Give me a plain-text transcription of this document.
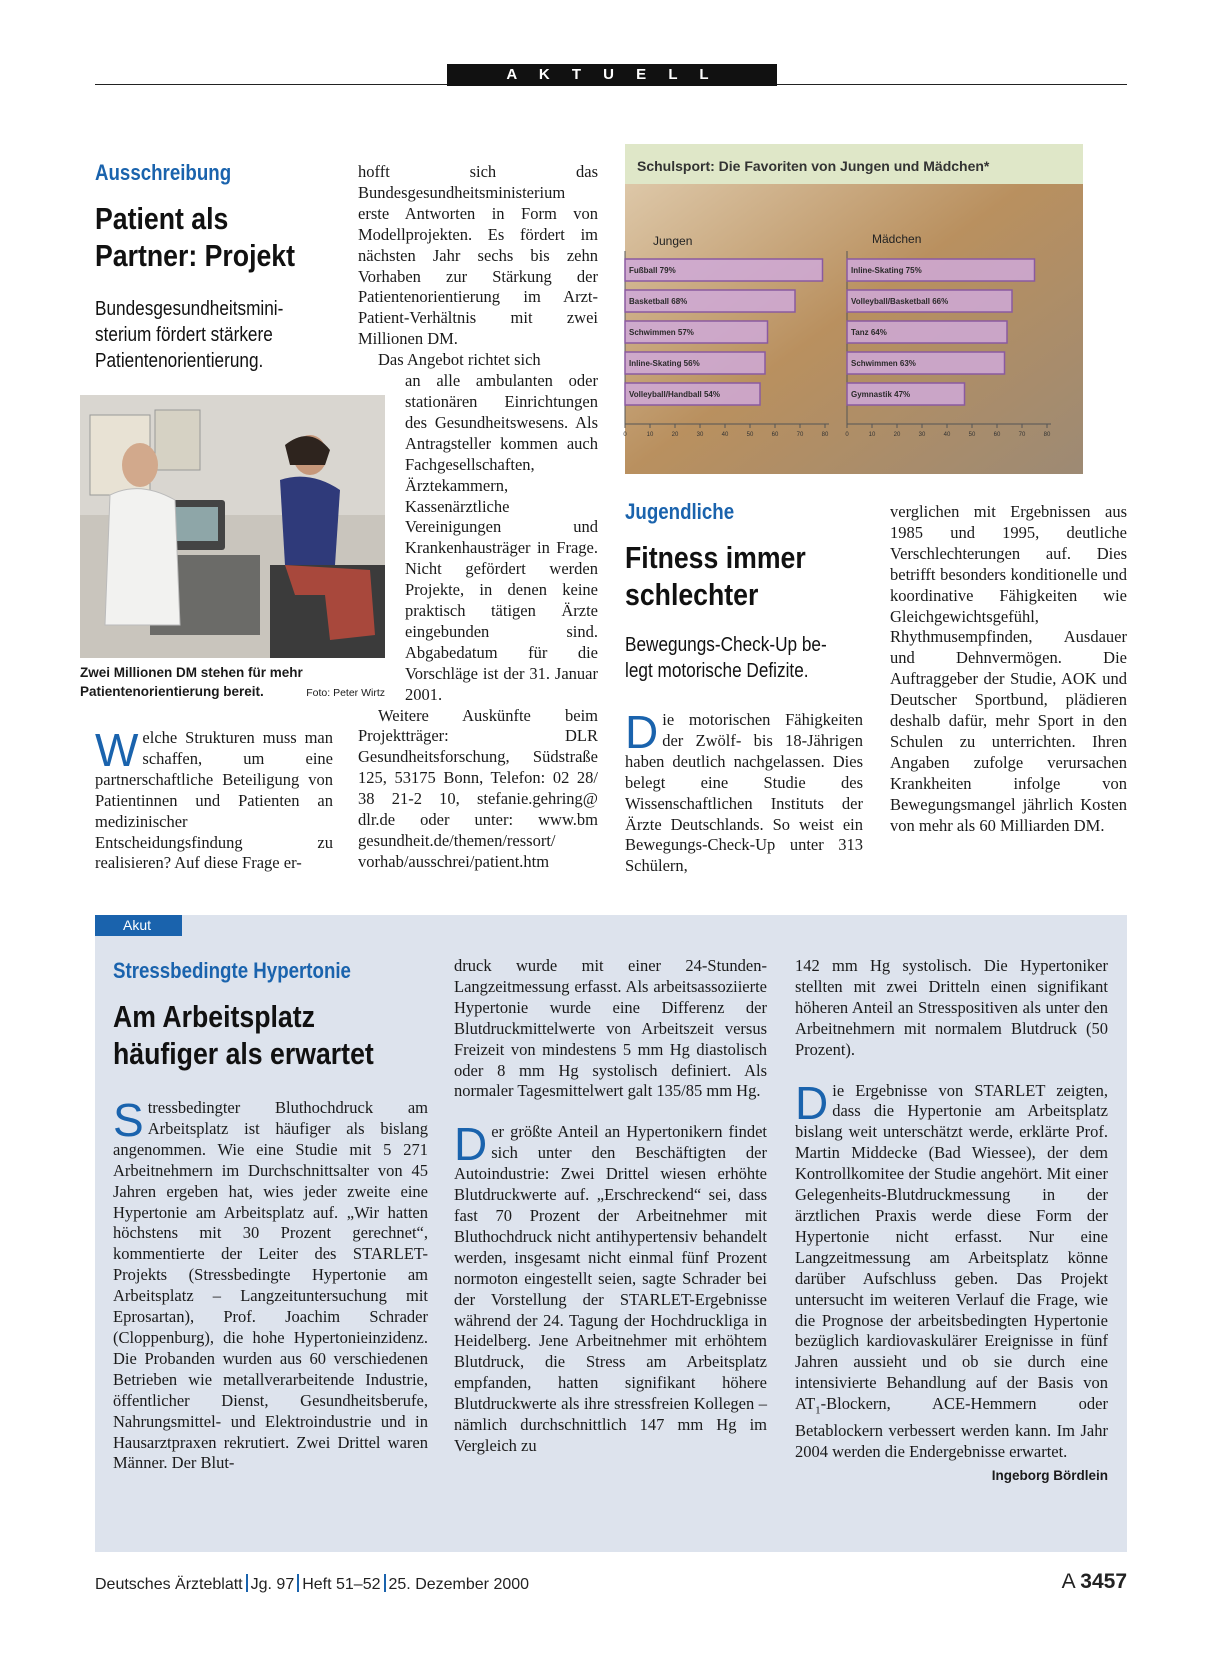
A K T U E L L
Ausschreibung
Patient als
Partner: Projekt
Bundesgesundheitsmini-
sterium fördert stärkere
Patientenorientierung.
Zwei Millionen DM stehen für mehr Patientenorientierung bereit.	Foto: Peter Wirtz
Welche Strukturen muss man schaffen, um eine partnerschaftliche Beteiligung von Patientinnen und Patienten an medizinischer Entscheidungsfindung zu realisieren? Auf diese Frage er-

hofft sich das Bundesgesundheitsministerium erste Antworten in Form von Modellprojekten. Es fördert im nächsten Jahr sechs bis zehn Vorhaben zur Stärkung der Patientenorientierung im Arzt-Patient-Verhältnis mit zwei Millionen DM.

Das Angebot richtet sich

an alle ambulanten oder stationären Einrichtungen des Gesundheitswesens. Als Antragsteller kommen auch Fachgesellschaften, Ärztekammern, Kassenärztliche Vereinigungen und Krankenhausträger in Frage. Nicht gefördert werden Projekte, in denen keine praktisch tätigen Ärzte eingebunden sind. Abgabedatum für die Vorschläge ist der 31. Januar 2001.

Weitere Auskünfte beim Projektträger: DLR Gesundheitsforschung, Südstraße 125, 53175 Bonn, Telefon: 02 28/ 38 21-2 10, stefanie.gehring@ dlr.de oder unter: www.bm gesundheit.de/themen/ressort/ vorhab/ausschrei/patient.htm

Schulsport: Die Favoriten von Jungen und Mädchen*
Jungen	Mädchen
0	10	20	30	40	50	60	70	80
Fußball 79%
Basketball 68%
Schwimmen 57%
Inline-Skating 56%
Volleyball/Handball 54%
0	10	20	30	40	50	60	70	80
Inline-Skating 75%
Volleyball/Basketball 66%
Tanz 64%
Schwimmen 63%
Gymnastik 47%
Jugendliche
Fitness immer
schlechter
Bewegungs-Check-Up be-
legt motorische Defizite.
Die motorischen Fähigkeiten der Zwölf- bis 18-Jährigen haben deutlich nachgelassen. Dies belegt eine Studie des Wissenschaftlichen Instituts der Ärzte Deutschlands. So weist ein Bewegungs-Check-Up unter 313 Schülern,

verglichen mit Ergebnissen aus 1985 und 1995, deutliche Verschlechterungen auf. Dies betrifft besonders konditionelle und koordinative Fähigkeiten wie Gleichgewichtsgefühl, Rhythmusempfinden, Ausdauer und Dehnvermögen. Die Auftraggeber der Studie, AOK und Deutscher Sportbund, plädieren deshalb dafür, mehr Sport in den Schulen zu unterrichten. Ihren Angaben zufolge verursachen Krankheiten infolge von Bewegungsmangel jährlich Kosten von mehr als 60 Milliarden DM.

Akut
Stressbedingte Hypertonie
Am Arbeitsplatz
häufiger als erwartet
Stressbedingter Bluthochdruck am Arbeitsplatz ist häufiger als bislang angenommen. Wie eine Studie mit 5 271 Arbeitnehmern im Durchschnittsalter von 45 Jahren ergeben hat, wies jeder zweite eine Hypertonie am Arbeitsplatz auf. „Wir hatten höchstens mit 30 Prozent gerechnet“, kommentierte der Leiter des STARLET-Projekts (Stressbedingte Hypertonie am Arbeitsplatz – Langzeituntersuchung mit Eprosartan), Prof. Joachim Schrader (Cloppenburg), die hohe Hypertonieinzidenz. Die Probanden wurden aus 60 verschiedenen Betrieben wie metallverarbeitende Industrie, öffentlicher Dienst, Gesundheitsberufe, Nahrungsmittel- und Elektroindustrie und in Hausarztpraxen rekrutiert. Zwei Drittel waren Männer. Der Blut-

druck wurde mit einer 24-Stunden-Langzeitmessung erfasst. Als arbeitsassoziierte Hypertonie wurde eine Differenz der Blutdruckmittelwerte von Arbeitszeit versus Freizeit von mindestens 5 mm Hg diastolisch oder 8 mm Hg systolisch definiert. Als normaler Tagesmittelwert galt 135/85 mm Hg.

Der größte Anteil an Hypertonikern findet sich unter den Beschäftigten der Autoindustrie: Zwei Drittel wiesen erhöhte Blutdruckwerte auf. „Erschreckend“ sei, dass fast 70 Prozent der Arbeitnehmer mit Bluthochdruck nicht antihypertensiv behandelt werden, insgesamt nicht einmal fünf Prozent normoton eingestellt seien, sagte Schrader bei der Vorstellung der STARLET-Ergebnisse während der 24. Tagung der Hochdruckliga in Heidelberg. Jene Arbeitnehmer mit erhöhtem Blutdruck, die Stress am Arbeitsplatz empfanden, hatten signifikant höhere Blutdruckwerte als ihre stressfreien Kollegen – nämlich durchschnittlich 147 mm Hg im Vergleich zu

142 mm Hg systolisch. Die Hypertoniker stellten mit zwei Dritteln einen signifikant höheren Anteil an Stresspositiven als unter den Arbeitnehmern mit normalem Blutdruck (50 Prozent).

Die Ergebnisse von STARLET zeigten, dass die Hypertonie am Arbeitsplatz bislang weit unterschätzt werde, erklärte Prof. Martin Middecke (Bad Wiessee), der dem Kontrollkomitee der Studie angehört. Mit einer Gelegenheits-Blutdruckmessung in der ärztlichen Praxis werde diese Form der Hypertonie nicht erfasst. Nur eine Langzeitmessung am Arbeitsplatz könne darüber Aufschluss geben. Das Projekt untersucht im weiteren Verlauf die Frage, wie die Prognose der arbeitsbedingten Hypertonie bezüglich kardiovaskulärer Ereignisse in fünf Jahren aussieht und ob sie durch eine intensivierte Behandlung auf der Basis von $AT_1$-Blockern, ACE-Hemmern oder Betablockern verbessert werden kann. Im Jahr 2004 werden die Endergebnisse erwartet.
Ingeborg Bördlein

Deutsches Ärzteblatt Jg. 97 Heft 51–52 25. Dezember 2000	A 3457
